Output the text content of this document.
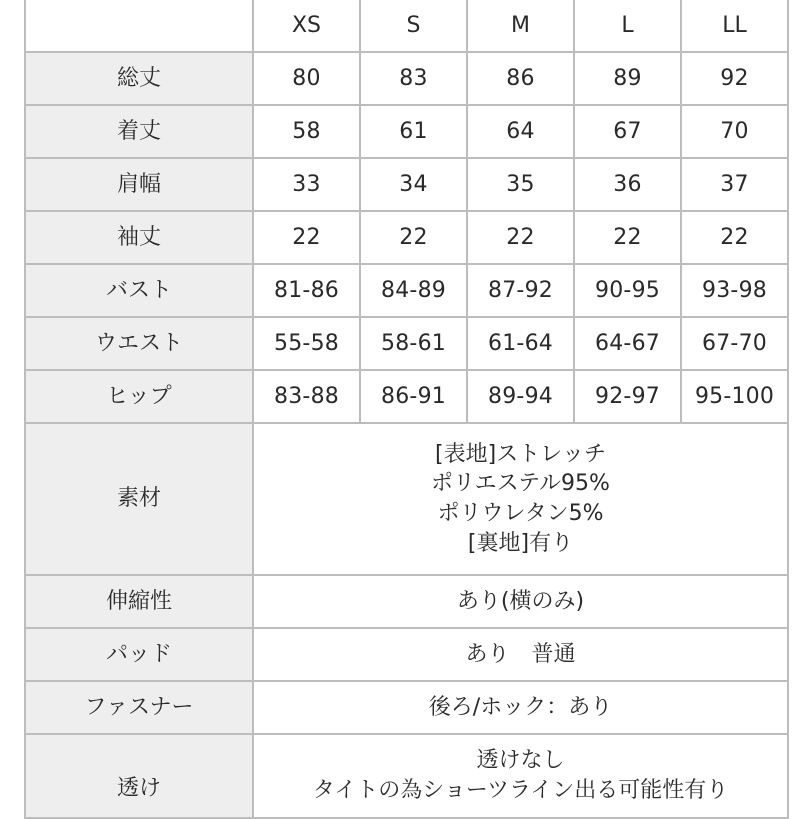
	XS	S	M	L	LL
総丈	80	83	86	89	92
着丈	58	61	64	67	70
肩幅	33	34	35	36	37
袖丈	22	22	22	22	22
バスト	81-86	84-89	87-92	90-95	93-98
ウエスト	55-58	58-61	61-64	64-67	67-70
ヒップ	83-88	86-91	89-94	92-97	95-100
素材	[表地]ストレッチ
ポリエステル95%
ポリウレタン5%
[裏地]有り				

伸縮性	あり(横のみ)				
パッド	あり　普通				
ファスナー	後ろ/ホック：あり				
透け	透けなし
タイトの為ショーツライン出る可能性有り				
